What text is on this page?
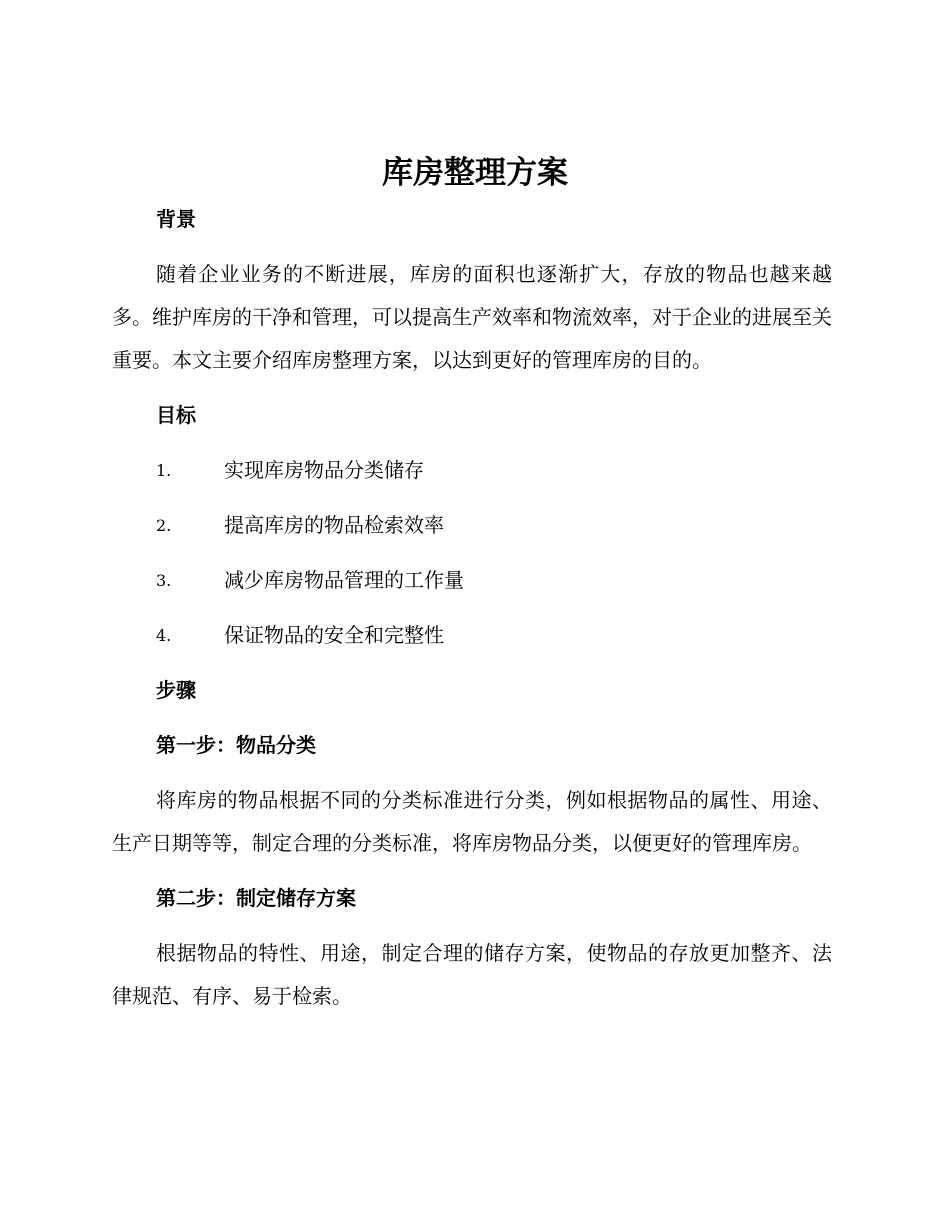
库房整理方案
背景

随着企业业务的不断进展，库房的面积也逐渐扩大，存放的物品也越来越多。维护库房的干净和管理，可以提高生产效率和物流效率，对于企业的进展至关重要。本文主要介绍库房整理方案，以达到更好的管理库房的目的。

目标
1.	实现库房物品分类储存
2.	提高库房的物品检索效率
3.	减少库房物品管理的工作量
4.	保证物品的安全和完整性
步骤
第一步：物品分类

将库房的物品根据不同的分类标准进行分类，例如根据物品的属性、用途、生产日期等等，制定合理的分类标准，将库房物品分类，以便更好的管理库房。

第二步：制定储存方案

根据物品的特性、用途，制定合理的储存方案，使物品的存放更加整齐、法律规范、有序、易于检索。
